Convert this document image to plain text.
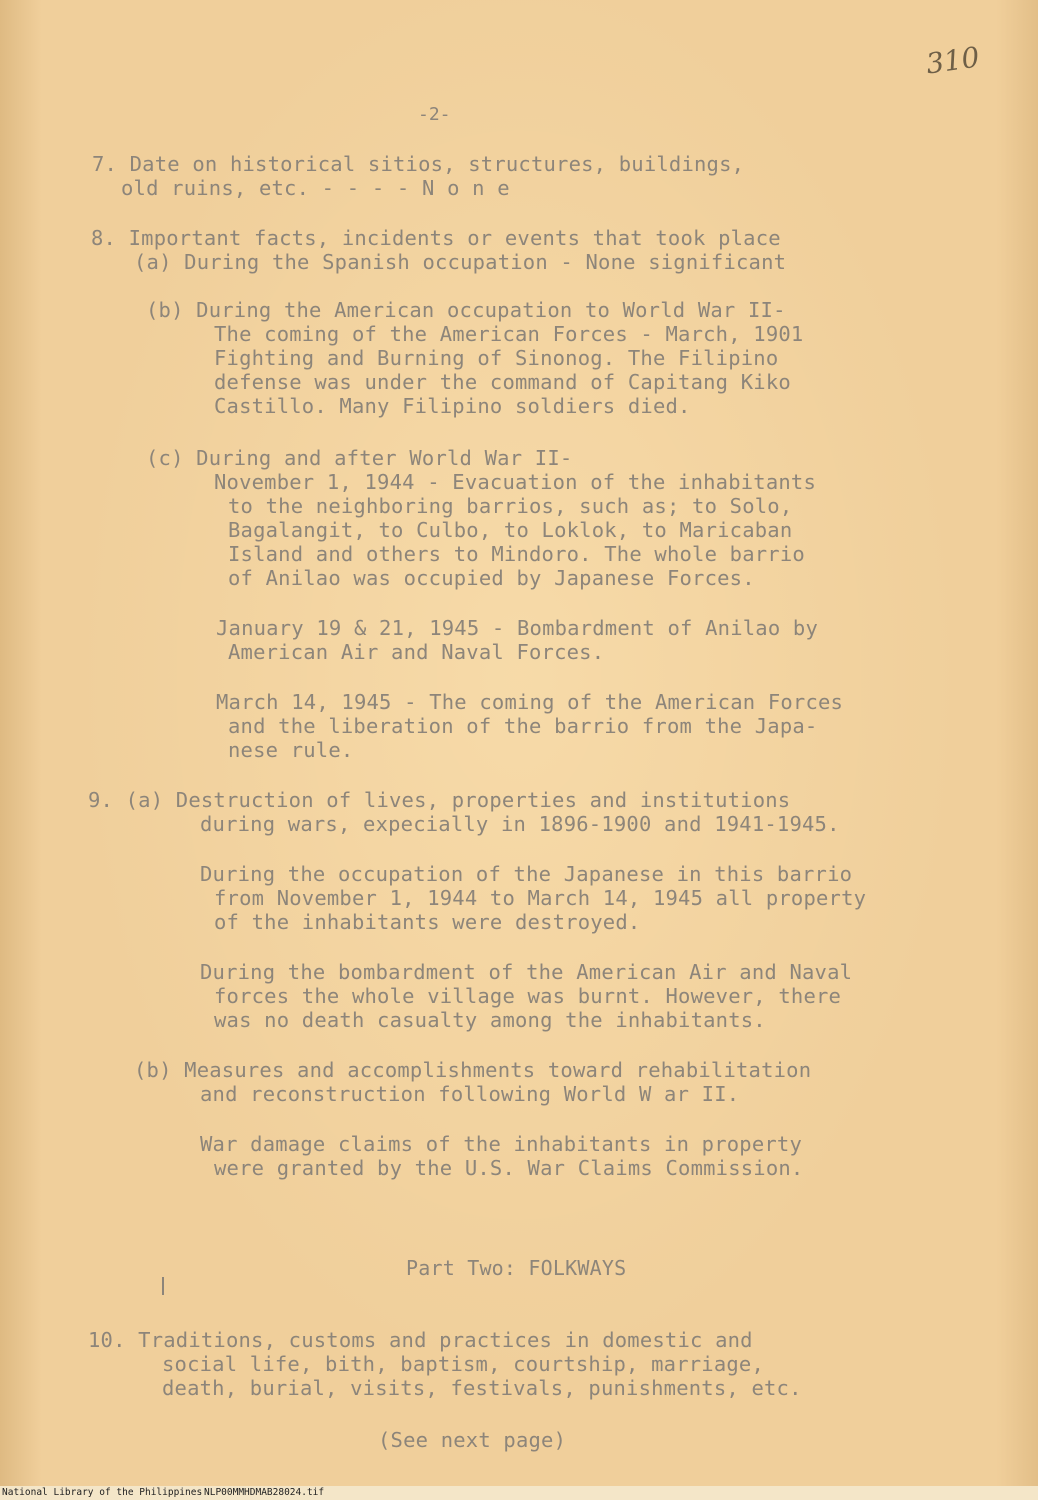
310
-2-
7. Date on historical sitios, structures, buildings,
old ruins, etc. - - - - N o n e
8. Important facts, incidents or events that took place
(a) During the Spanish occupation - None significant
(b) During the American occupation to World War II-
The coming of the American Forces - March, 1901
Fighting and Burning of Sinonog. The Filipino
defense was under the command of Capitang Kiko
Castillo. Many Filipino soldiers died.
(c) During and after World War II-
November 1, 1944 - Evacuation of the inhabitants
to the neighboring barrios, such as; to Solo,
Bagalangit, to Culbo, to Loklok, to Maricaban
Island and others to Mindoro. The whole barrio
of Anilao was occupied by Japanese Forces.
January 19 & 21, 1945 - Bombardment of Anilao by
American Air and Naval Forces.
March 14, 1945 - The coming of the American Forces
and the liberation of the barrio from the Japa-
nese rule.
9. (a) Destruction of lives, properties and institutions
during wars, expecially in 1896-1900 and 1941-1945.
During the occupation of the Japanese in this barrio
from November 1, 1944 to March 14, 1945 all property
of the inhabitants were destroyed.
During the bombardment of the American Air and Naval
forces the whole village was burnt. However, there
was no death casualty among the inhabitants.
(b) Measures and accomplishments toward rehabilitation
and reconstruction following World W ar II.
War damage claims of the inhabitants in property
were granted by the U.S. War Claims Commission.
Part Two: FOLKWAYS
10. Traditions, customs and practices in domestic and
social life, bith, baptism, courtship, marriage,
death, burial, visits, festivals, punishments, etc.
(See next page)
National Library of the Philippines NLP00MMHDMAB28024.tif
